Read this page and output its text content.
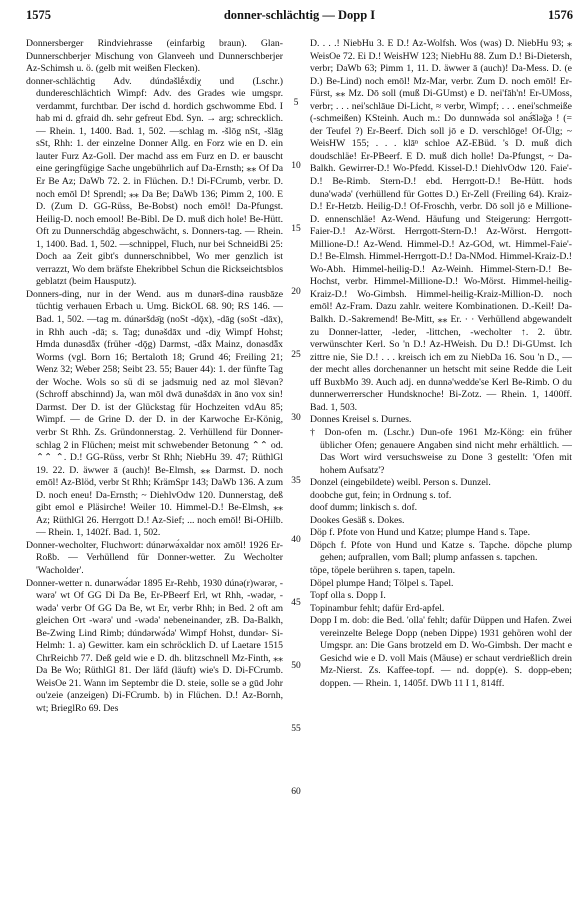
1575	donner-schlächtig — Dopp I	1576
5
10
15
20
25
30
35
40
45
50
55
60

Donnersberger Rindviehrasse (einfarbig braun). Glan- Dunnerschberjer Mischung von Glanveeh und Dunnerschberjer Az-Schimsh u. ö. (gelb mit weißen Flecken).

donner-schlächtig Adv. dúndəšlḗxdiχ und (Lschr.) dundereschlächtich Wimpf: Adv. des Grades wie umgspr. verdammt, furchtbar. Der ischd d. hordich gschwomme Ebd. I hab mi d. gfraid dh. sehr gefreut Ebd. Syn. → arg; schrecklich. — Rhein. 1, 1400. Bad. 1, 502. —schlag m. -šlōg nSt, -šlāg sSt, Rhh: 1. der einzelne Donner Allg. en Forz wie en D. ein lauter Furz Az-Goll. Der machd ass em Furz en D. er bauscht eine geringfügige Sache ungebührlich auf Da-Ernsth; ⁎⁎ Of Da Er Be Az; DaWb 72. 2. in Flüchen. D.! Di-FCrumb, verbr. D. noch emōl D! Sprendl; ⁎⁎ Da Be; DaWb 136; Pimm 2, 100. E D. (Zum D. GG-Rüss, Be-Bobst) noch emōl! Da-Pfungst. Heilig-D. noch emool! Be-Bibl. De D. muß dich hole! Be-Hütt. Oft zu Dunnerschdäg abgeschwächt, s. Donners-tag. — Rhein. 1, 1400. Bad. 1, 502. —schnippel, Fluch, nur bei SchneidBi 25: Doch aa Zeit gibt's dunnerschnibbel, Wo mer genzlich ist verrazzt, Wo dem bräfste Ehekribbel Schun die Rickseichtsblos geblatzt (beim Hausputz).

Donners-ding, nur in der Wend. aus m dunǝrš-dinǝ rausbāze tüchtig verhauen Erbach u. Umg. BickOL 68. 90; RS 146. — Bad. 1, 502. —tag m. dúnǝršdǝ̄g (noSt -dǭx), -dāg (soSt -dāx), in Rhh auch -dā; s. Tag; dunǝšdāx und -diχ Wimpf Hohst; Hmda dunǝsdǟx (früher -dǭg) Darmst, -dǟx Mainz, donǝsdǟx Worms (vgl. Born 16; Bertaloth 18; Grund 46; Freiling 21; Wenz 32; Weber 258; Seibt 23. 55; Bauer 44): 1. der fünfte Tag der Woche. Wols so sü di se jadsmuig ned az mol šlēvǝn? (Schroff abschinnd) Ja, wan mōl dwā dunǝšdǝ̄x in āno vox sin! Darmst. Der D. ist der Glückstag für Hochzeiten vdAu 85; Wimpf. — de Grine D. der D. in der Karwoche Er-König, verbr St Rhh. Zs. Gründonnerstag. 2. Verhüllend für Donner-schlag 2 in Flüchen; meist mit schwebender Betonung ⌃⌃ od. ⌃⌃ ⌃. D.! GG-Rüss, verbr St Rhh; NiebHu 39. 47; RüthlGl 19. 22. D. äwwer ā (auch)! Be-Elmsh, ⁎⁎ Darmst. D. noch emōl! Az-Blöd, verbr St Rhh; KrämSpr 143; DaWb 136. A zum D. noch eneu! Da-Ernsth; ~ DiehlvOdw 120. Dunnerstag, deß gibt emol e Pläsirche! Weiler 10. Himmel-D.! Be-Elmsh, ⁎⁎ Az; RüthlGl 26. Herrgott D.! Az-Sief; ... noch emōl! Bi-OHilb. — Rhein. 1, 1402f. Bad. 1, 502.

Donner-wecholter, Fluchwort: dúnǝrwǝ́xǝldǝr nox ǝmōl! 1926 Er-Roßb. — Verhüllend für Donner-wetter. Zu Wecholter 'Wacholder'.

Donner-wetter n. dunǝrwǝ́dǝr 1895 Er-Rehb, 1930 dúnǝ(r)wǝrǝr, -wǝrǝ' wt Of GG Di Da Be, Er-PBeerf Erl, wt Rhh, -wǝdǝr, -wǝdǝ' verbr Of GG Da Be, wt Er, verbr Rhh; in Bed. 2 oft am gleichen Ort -wǝrǝ' und -wǝdǝ' nebeneinander, zB. Da-Balkh, Be-Zwing Lind Rimb; dúndǝrwǝ́dǝ' Wimpf Hohst, dundǝr- Si-Helmh: 1. a) Gewitter. kam ein schröcklich D. uf Laetare 1515 ChrReichb 77. Deß geld wie e D. dh. blitzschnell Mz-Finth, ⁎⁎ Da Be Wo; RüthlGl 81. Der läfd (läuft) wie's D. Di-FCrumb. WeisOe 21. Wann im Septembr die D. steie, solle se ǝ gūd Johr ou'zeie (anzeigen) Di-FCrumb. b) in Flüchen. D.! Az-Bornh, wt; BrieglRo 69. Des

D. . . .! NiebHu 3. E D.! Az-Wolfsh. Wos (was) D. NiebHu 93; ⁎ WeisOe 72. Ei D.! WeisHW 123; NiebHu 88. Zum D.! Bi-Dietersh, verbr; DaWb 63; Pimm 1, 11. D. äwwer ā (auch)! Da-Mess. D. (e D.) Be-Lind) noch emōl! Mz-Mar, verbr. Zum D. noch emōl! Er-Fürst, ⁎⁎ Mz. Dō soll (muß Di-GUmst) e D. nei'fāh'n! Er-UMoss, verbr; . . . nei'schlāue Di-Licht, ≈ verbr, Wimpf; . . . enei'schmeiße (-schmeißen) KSteinh. Auch m.: Do dunnwǝ́dǝ sol ǝnǝ̄́šlǝ̃gǝ ! (= der Teufel ?) Er-Beerf. Dich soll jō e D. verschlōge! Of-Ülg; ~ WeisHW 155; . . . klāⁿ schloe AZ-EBüd. 's D. muß dich doudschläe! Er-PBeerf. E D. muß dich holle! Da-Pfungst, ~ Da-Balkh. Gewirrer-D.! Wo-Pfedd. Kissel-D.! DiehlvOdw 120. Faie'-D.! Be-Rimb. Stern-D.! ebd. Herrgott-D.! Be-Hütt. hods dunǝ'wǝdǝ' (verhüllend für Gottes D.) Er-Zell (Freiling 64). Kraiz-D.! Er-Hetzb. Heilig-D.! Of-Froschh, verbr. Dō soll jō e Millione-D. ennenschläe! Az-Wend. Häufung und Steigerung: Herrgott-Faier-D.! Az-Wörst. Herrgott-Stern-D.! Az-Wörst. Herrgott-Millione-D.! Az-Wend. Himmel-D.! Az-GOd, wt. Himmel-Faie'-D.! Be-Elmsh. Himmel-Herrgott-D.! Da-NMod. Himmel-Kraiz-D.! Wo-Abh. Himmel-heilig-D.! Az-Weinh. Himmel-Stern-D.! Be-Hochst, verbr. Himmel-Millione-D.! Wo-Mörst. Himmel-heilig-Kraiz-D.! Wo-Gimbsh. Himmel-heilig-Kraiz-Million-D. noch emōl! Az-Fram. Dazu zahlr. weitere Kombinationen. D.-Keil! Da-Balkh. D.-Sakremend! Be-Mitt, ⁎⁎ Er. · · Verhüllend abgewandelt zu Donner-latter, -leder, -littchen, -wecholter ↑. 2. übtr. verwünschter Kerl. So 'n D.! Az-HWeish. Du D.! Di-GUmst. Ich zittre nie, Sie D.! . . . kreisch ich em zu NiebDa 16. Sou 'n D., — der mecht alles dorchenanner un hetscht mit seine Redde die Leit uff BuxbMo 39. Auch adj. en dunnǝ'wedde'se Kerl Be-Rimb. O du dunnerwerrerscher Hundsknoche! Bi-Zotz. — Rhein. 1, 1400ff. Bad. 1, 503.

Donnes Kreisel s. Durnes.

† Don-ofen m. (Lschr.) Dun-ofe 1961 Mz-Köng: ein früher üblicher Ofen; genauere Angaben sind nicht mehr erhältlich. — Das Wort wird versuchsweise zu Done 3 gestellt: 'Ofen mit hohem Aufsatz'?

Donzel (eingebildete) weibl. Person s. Dunzel.

doobche gut, fein; in Ordnung s. tof.

doof dumm; linkisch s. dof.

Dookes Gesäß s. Dokes.

Döp f. Pfote von Hund und Katze; plumpe Hand s. Tape.

Döpch f. Pfote von Hund und Katze s. Tapche. döpche plump gehen; aufprallen, vom Ball; plump anfassen s. tapchen.

töpe, töpele berühren s. tapen, tapeln.

Döpel plumpe Hand; Tölpel s. Tapel.

Topf olla s. Dopp I.

Topinambur fehlt; dafür Erd-apfel.

Dopp I m. dob: die Bed. 'olla' fehlt; dafür Düppen und Hafen. Zwei vereinzelte Belege Dopp (neben Dippe) 1931 gehören wohl der Umgspr. an: Die Gans brotzeld em D. Wo-Gimbsh. Der macht e Gesichd wie e D. voll Mais (Mäuse) er schaut verdrießlich drein Mz-Nierst. Zs. Kaffee-topf. — nd. dopp(e). S. dopp-eben; doppen. — Rhein. 1, 1405f. DWb 11 I 1, 814ff.
